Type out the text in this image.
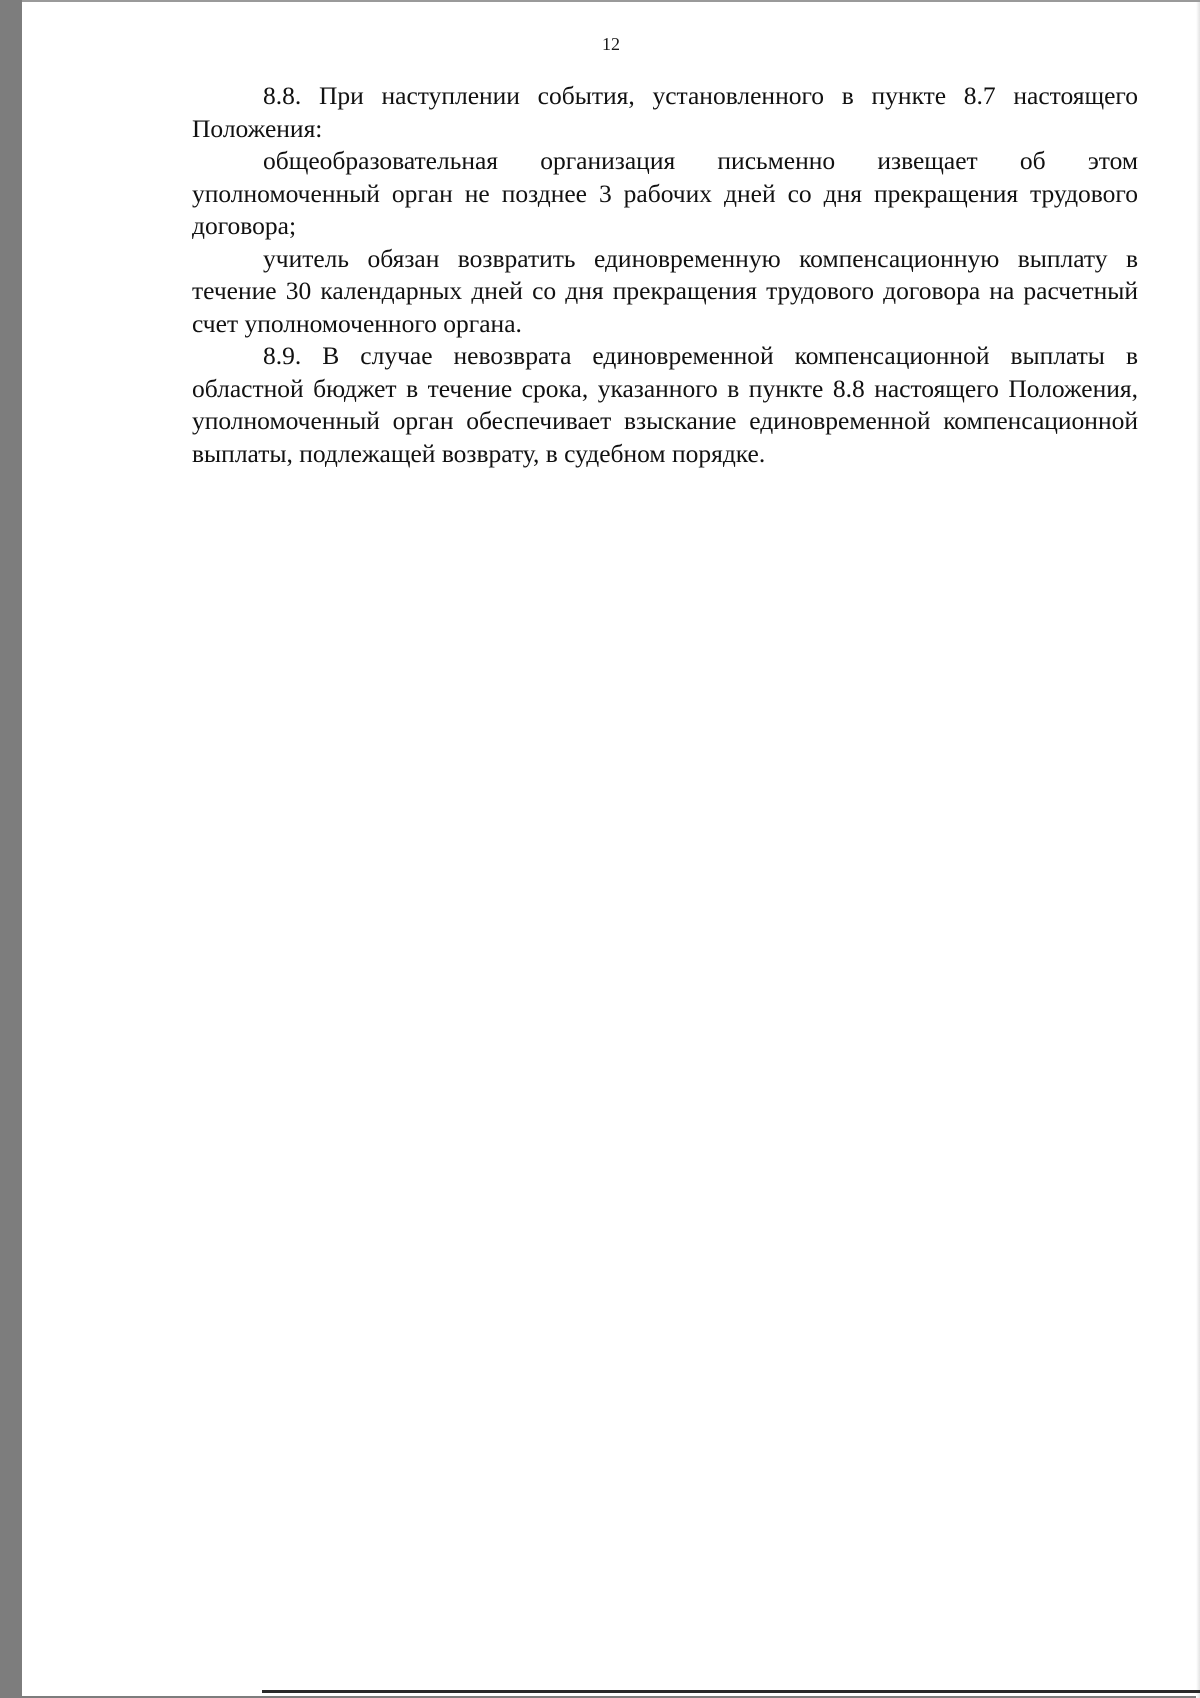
12

8.8. При наступлении события, установленного в пункте 8.7 настоящего Положения:

общеобразовательная организация письменно извещает об этом уполномоченный орган не позднее 3 рабочих дней со дня прекращения трудового договора;

учитель обязан возвратить единовременную компенсационную выплату в течение 30 календарных дней со дня прекращения трудового договора на расчетный счет уполномоченного органа.

8.9. В случае невозврата единовременной компенсационной выплаты в областной бюджет в течение срока, указанного в пункте 8.8 настоящего Положения, уполномоченный орган обеспечивает взыскание единовременной компенсационной выплаты, подлежащей возврату, в судебном порядке.
